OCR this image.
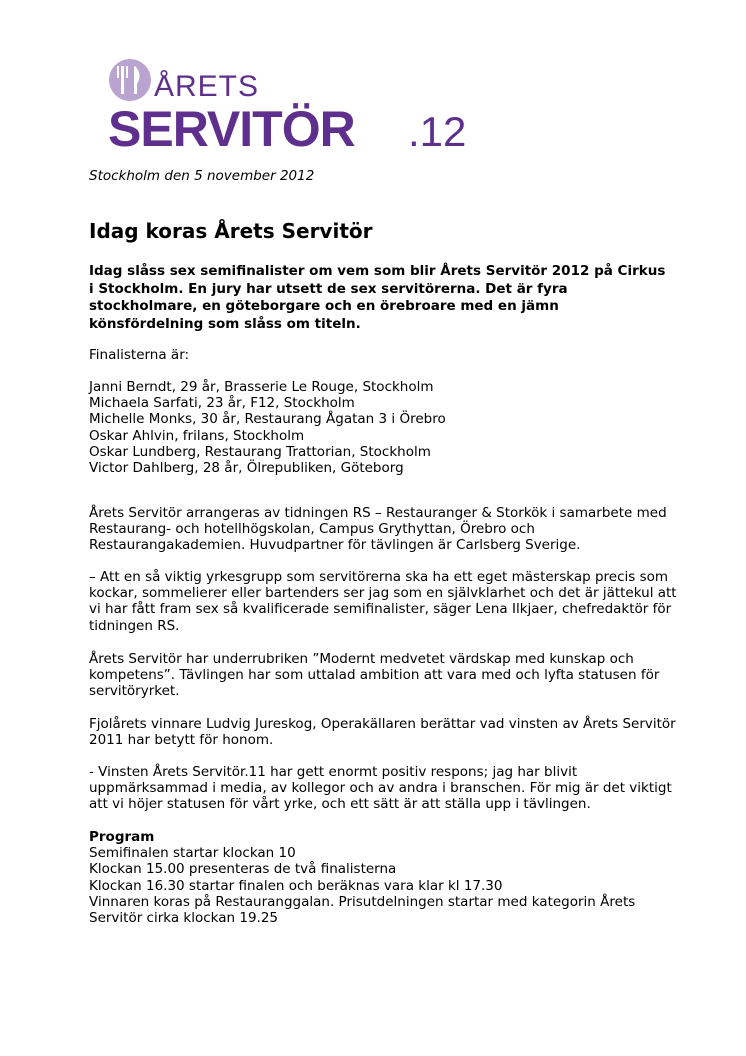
ÅRETS
SERVITÖR .12
Stockholm den 5 november 2012
Idag koras Årets Servitör
Idag slåss sex semifinalister om vem som blir Årets Servitör 2012 på Cirkus i Stockholm. En jury har utsett de sex servitörerna. Det är fyra stockholmare, en göteborgare och en örebroare med en jämn könsfördelning som slåss om titeln.
Finalisterna är:

Janni Berndt, 29 år, Brasserie Le Rouge, Stockholm

Michaela Sarfati, 23 år, F12, Stockholm

Michelle Monks, 30 år, Restaurang Ågatan 3 i Örebro

Oskar Ahlvin, frilans, Stockholm

Oskar Lundberg, Restaurang Trattorian, Stockholm

Victor Dahlberg, 28 år, Ölrepubliken, Göteborg

Årets Servitör arrangeras av tidningen RS – Restauranger & Storkök i samarbete med Restaurang- och hotellhögskolan, Campus Grythyttan, Örebro och Restaurangakademien. Huvudpartner för tävlingen är Carlsberg Sverige.
– Att en så viktig yrkesgrupp som servitörerna ska ha ett eget mästerskap precis som kockar, sommelierer eller bartenders ser jag som en självklarhet och det är jättekul att vi har fått fram sex så kvalificerade semifinalister, säger Lena Ilkjaer, chefredaktör för tidningen RS.
Årets Servitör har underrubriken ”Modernt medvetet värdskap med kunskap och kompetens”. Tävlingen har som uttalad ambition att vara med och lyfta statusen för servitöryrket.
Fjolårets vinnare Ludvig Jureskog, Operakällaren berättar vad vinsten av Årets Servitör 2011 har betytt för honom.
- Vinsten Årets Servitör.11 har gett enormt positiv respons; jag har blivit uppmärksammad i media, av kollegor och av andra i branschen. För mig är det viktigt att vi höjer statusen för vårt yrke, och ett sätt är att ställa upp i tävlingen.

Program

Semifinalen startar klockan 10

Klockan 15.00 presenteras de två finalisterna

Klockan 16.30 startar finalen och beräknas vara klar kl 17.30

Vinnaren koras på Restauranggalan. Prisutdelningen startar med kategorin Årets Servitör cirka klockan 19.25
